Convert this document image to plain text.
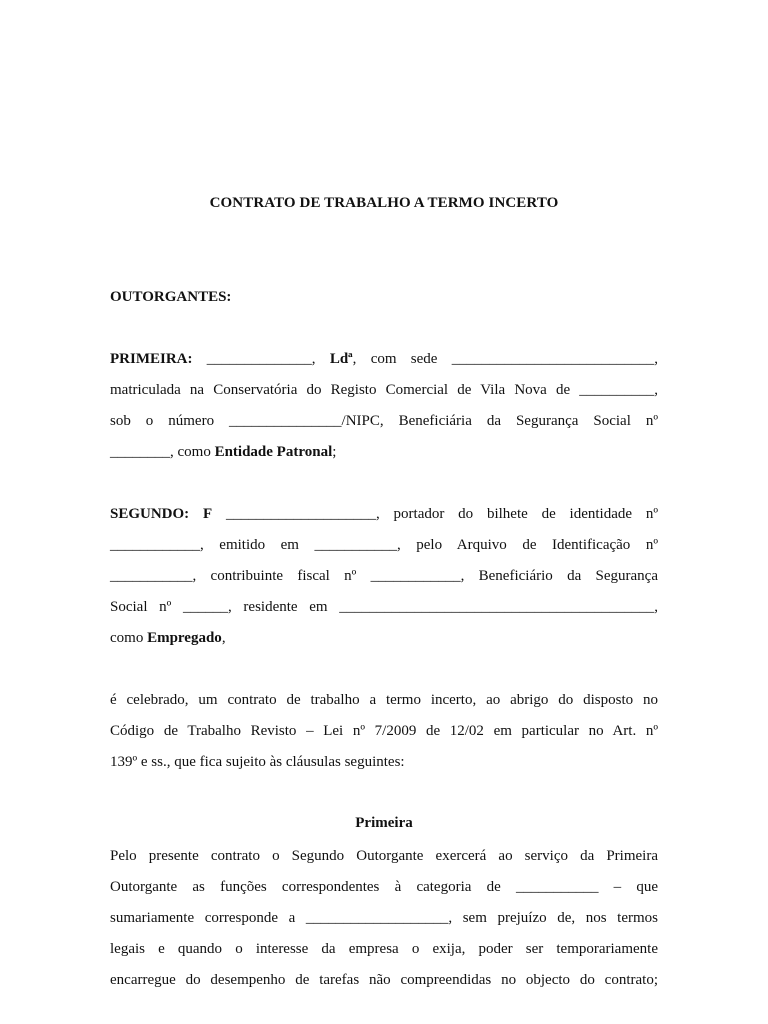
CONTRATO DE TRABALHO A TERMO INCERTO
OUTORGANTES:
PRIMEIRA: ______________, Ldª, com sede ___________________________,
matriculada na Conservatória do Registo Comercial de Vila Nova de __________,
sob o número _______________/NIPC, Beneficiária da Segurança Social nº
________, como Entidade Patronal;
SEGUNDO: F ____________________, portador do bilhete de identidade nº
____________, emitido em ___________, pelo Arquivo de Identificação nº
___________, contribuinte fiscal nº ____________, Beneficiário da Segurança
Social nº ______, residente em __________________________________________,
como Empregado,
é celebrado, um contrato de trabalho a termo incerto, ao abrigo do disposto no
Código de Trabalho Revisto – Lei nº 7/2009 de 12/02 em particular no Art. nº
139º e ss., que fica sujeito às cláusulas seguintes:
Primeira
Pelo presente contrato o Segundo Outorgante exercerá ao serviço da Primeira
Outorgante as funções correspondentes à categoria de ___________ – que
sumariamente corresponde a ___________________, sem prejuízo de, nos termos
legais e quando o interesse da empresa o exija, poder ser temporariamente
encarregue do desempenho de tarefas não compreendidas no objecto do contrato;
